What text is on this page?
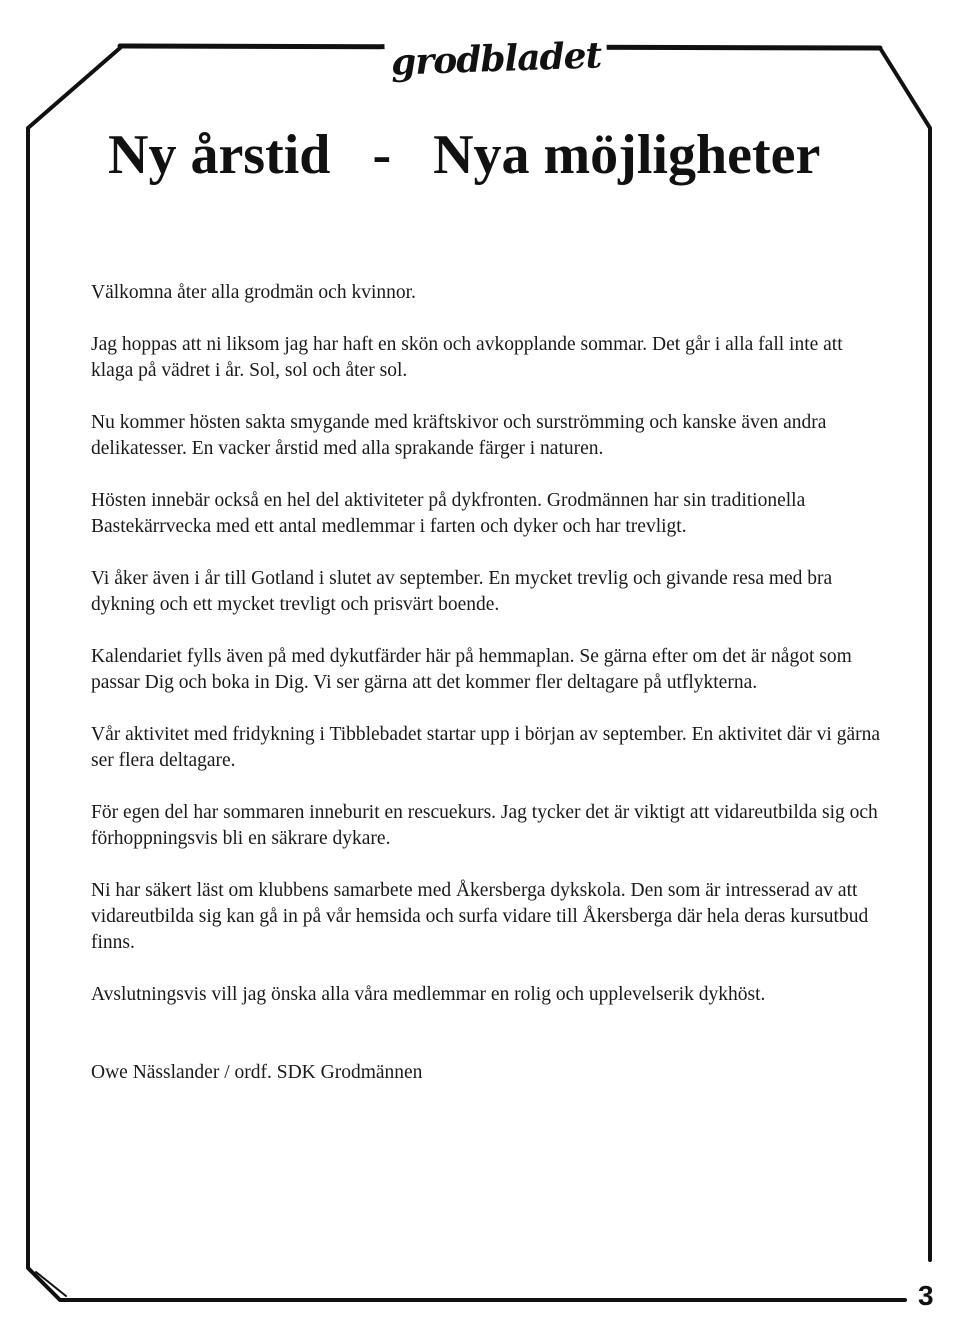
grodbladet
Ny årstid   -   Nya möjligheter

Välkomna åter alla grodmän och kvinnor.

Jag hoppas att ni liksom jag har haft en skön och avkopplande sommar. Det går i alla fall inte att klaga på vädret i år. Sol, sol och åter sol.

Nu kommer hösten sakta smygande med kräftskivor och surströmming och kanske även andra delikatesser. En vacker årstid med alla sprakande färger i naturen.

Hösten innebär också en hel del aktiviteter på dykfronten. Grodmännen har sin traditionella Bastekärrvecka med ett antal medlemmar i farten och dyker och har trevligt.

Vi åker även i år till Gotland i slutet av september. En mycket trevlig och givande resa med bra dykning och ett mycket trevligt och prisvärt boende.

Kalendariet fylls även på med dykutfärder här på hemmaplan. Se gärna efter om det är något som passar Dig och boka in Dig. Vi ser gärna att det kommer fler deltagare på utflykterna.

Vår aktivitet med fridykning i Tibblebadet startar upp i början av september. En aktivitet där vi gärna ser flera deltagare.

För egen del har sommaren inneburit en rescuekurs. Jag tycker det är viktigt att vidareutbilda sig och förhoppningsvis bli en säkrare dykare.

Ni har säkert läst om klubbens samarbete med Åkersberga dykskola. Den som är intresserad av att vidareutbilda sig kan gå in på vår hemsida och surfa vidare till Åkersberga där hela deras kursutbud finns.

Avslutningsvis vill jag önska alla våra medlemmar en rolig och upplevelserik dykhöst.

Owe Nässlander / ordf. SDK Grodmännen

3
